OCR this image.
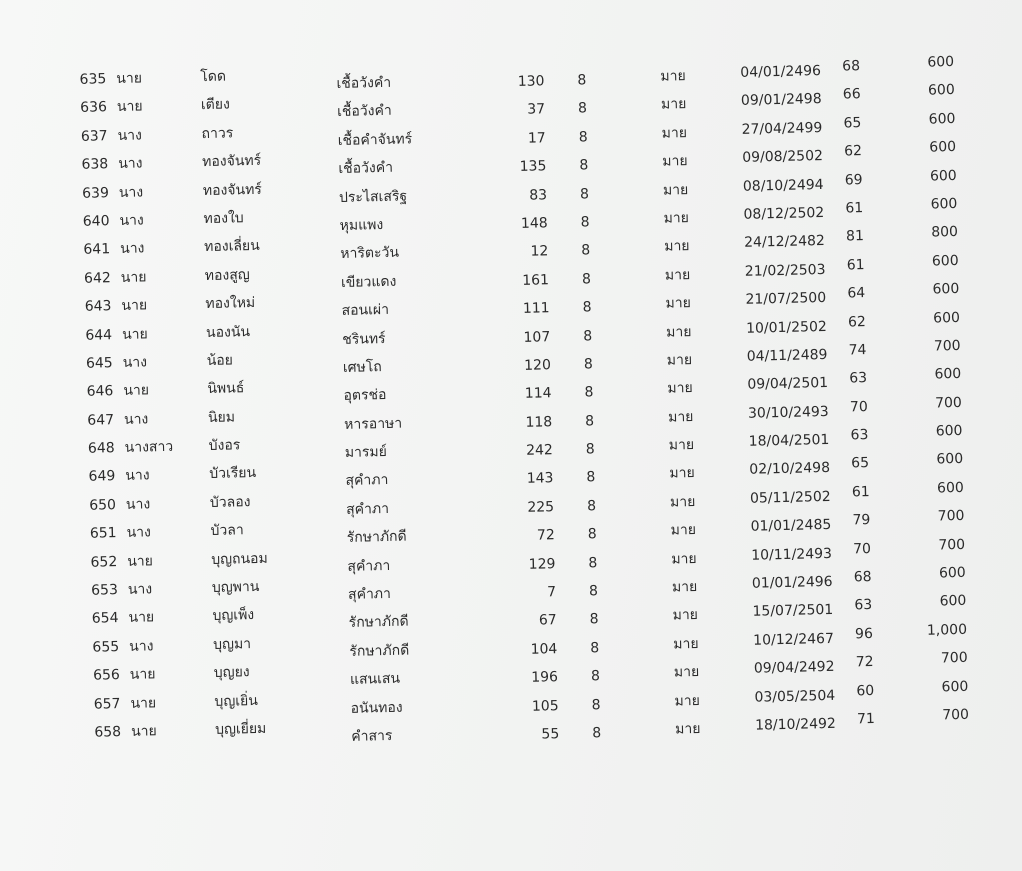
635 นาย	โดด	เชื้อวังคำ	130 8	มาย	04/01/2496 68	600
636 นาย	เตียง	เชื้อวังคำ	37 8	มาย	09/01/2498 66	600
637 นาง	ถาวร	เชื้อคำจันทร์	17 8	มาย	27/04/2499 65	600
638 นาง	ทองจันทร์	เชื้อวังคำ	135 8	มาย	09/08/2502 62	600
639 นาง	ทองจันทร์	ประไสเสริฐ	83 8	มาย	08/10/2494 69	600
640 นาง	ทองใบ	หุมแพง	148 8	มาย	08/12/2502 61	600
641 นาง	ทองเลี่ยน	หาริตะวัน	12 8	มาย	24/12/2482 81	800
642 นาย	ทองสูญ	เขียวแดง	161 8	มาย	21/02/2503 61	600
643 นาย	ทองใหม่	สอนเผ่า	111 8	มาย	21/07/2500 64	600
644 นาย	นองนัน	ชรินทร์	107 8	มาย	10/01/2502 62	600
645 นาง	น้อย	เศษโถ	120 8	มาย	04/11/2489 74	700
646 นาย	นิพนธ์	อุตรช่อ	114 8	มาย	09/04/2501 63	600
647 นาง	นิยม	หารอาษา	118 8	มาย	30/10/2493 70	700
648 นางสาว	บังอร	มารมย์	242 8	มาย	18/04/2501 63	600
649 นาง	บัวเรียน	สุคำภา	143 8	มาย	02/10/2498 65	600
650 นาง	บัวลอง	สุคำภา	225 8	มาย	05/11/2502 61	600
651 นาง	บัวลา	รักษาภักดี	72 8	มาย	01/01/2485 79	700
652 นาย	บุญถนอม	สุคำภา	129 8	มาย	10/11/2493 70	700
653 นาง	บุญพาน	สุคำภา	7 8	มาย	01/01/2496 68	600
654 นาย	บุญเพ็ง	รักษาภักดี	67 8	มาย	15/07/2501 63	600
655 นาง	บุญมา	รักษาภักดี	104 8	มาย	10/12/2467 96	1,000
656 นาย	บุญยง	แสนเสน	196 8	มาย	09/04/2492 72	700
657 นาย	บุญเยิ่น	อนันทอง	105 8	มาย	03/05/2504 60	600
658 นาย	บุญเยี่ยม	คำสาร	55 8	มาย	18/10/2492 71	700
